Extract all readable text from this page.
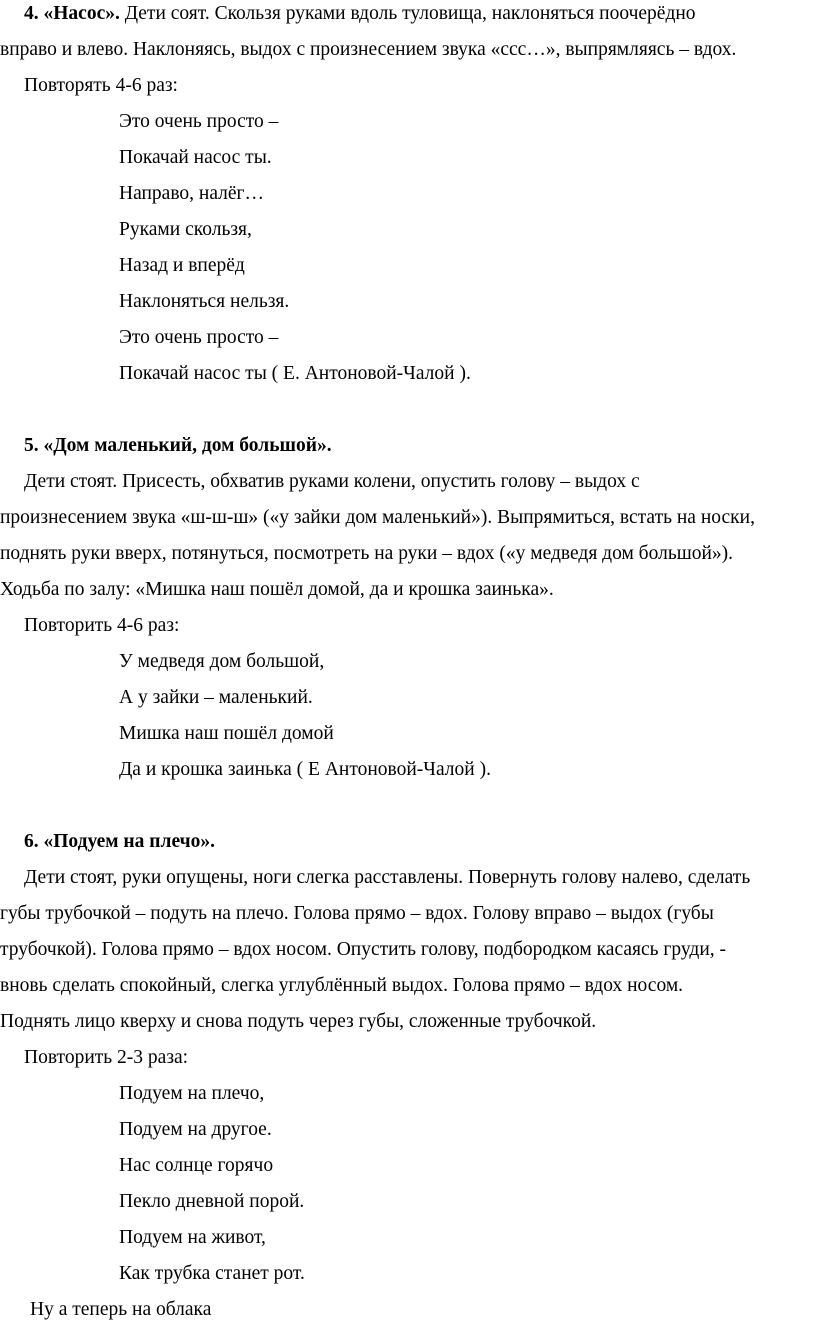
4. «Насос». Дети соят. Скользя руками вдоль туловища, наклоняться поочерёдно
вправо и влево. Наклоняясь, выдох с произнесением звука «ссс…», выпрямляясь – вдох.
Повторять 4-6 раз:
Это очень просто –
Покачай насос ты.
Направо, налёг…
Руками скользя,
Назад и вперёд
Наклоняться нельзя.
Это очень просто –
Покачай насос ты ( Е. Антоновой-Чалой ).
5. «Дом маленький, дом большой».
Дети стоят. Присесть, обхватив руками колени, опустить голову – выдох с
произнесением звука «ш-ш-ш» («у зайки дом маленький»). Выпрямиться, встать на носки,
поднять руки вверх, потянуться, посмотреть на руки – вдох («у медведя дом большой»).
Ходьба по залу: «Мишка наш пошёл домой, да и крошка заинька».
Повторить 4-6 раз:
У медведя дом большой,
А у зайки – маленький.
Мишка наш пошёл домой
Да и крошка заинька ( Е Антоновой-Чалой ).
6. «Подуем на плечо».
Дети стоят, руки опущены, ноги слегка расставлены. Повернуть голову налево, сделать
губы трубочкой – подуть на плечо. Голова прямо – вдох. Голову вправо – выдох (губы
трубочкой). Голова прямо – вдох носом. Опустить голову, подбородком касаясь груди, -
вновь сделать спокойный, слегка углублённый выдох. Голова прямо – вдох носом.
Поднять лицо кверху и снова подуть через губы, сложенные трубочкой.
Повторить 2-3 раза:
Подуем на плечо,
Подуем на другое.
Нас солнце горячо
Пекло дневной порой.
Подуем на живот,
Как трубка станет рот.
Ну а теперь на облака
